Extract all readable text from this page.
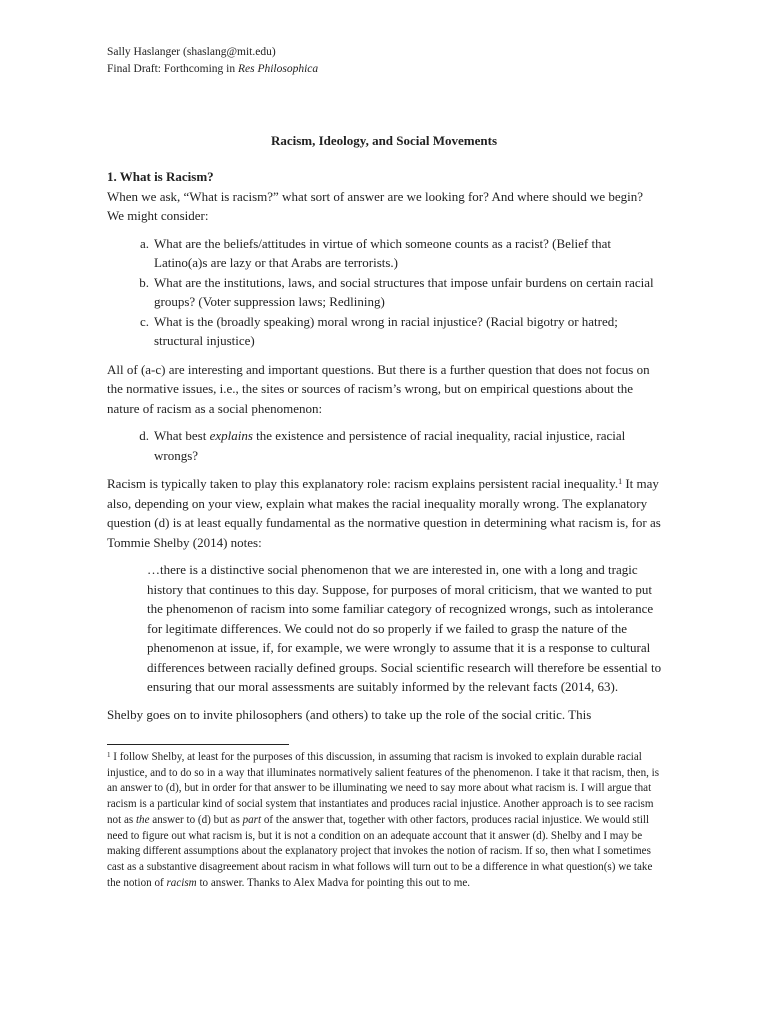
Sally Haslanger (shaslang@mit.edu)
Final Draft: Forthcoming in Res Philosophica
Racism, Ideology, and Social Movements
1. What is Racism?

When we ask, “What is racism?” what sort of answer are we looking for? And where should we begin? We might consider:

a. What are the beliefs/attitudes in virtue of which someone counts as a racist? (Belief that Latino(a)s are lazy or that Arabs are terrorists.)
b. What are the institutions, laws, and social structures that impose unfair burdens on certain racial groups? (Voter suppression laws; Redlining)
c. What is the (broadly speaking) moral wrong in racial injustice? (Racial bigotry or hatred; structural injustice)

All of (a-c) are interesting and important questions. But there is a further question that does not focus on the normative issues, i.e., the sites or sources of racism’s wrong, but on empirical questions about the nature of racism as a social phenomenon:

d. What best explains the existence and persistence of racial inequality, racial injustice, racial wrongs?

Racism is typically taken to play this explanatory role: racism explains persistent racial inequality.$^1$ It may also, depending on your view, explain what makes the racial inequality morally wrong. The explanatory question (d) is at least equally fundamental as the normative question in determining what racism is, for as Tommie Shelby (2014) notes:

…there is a distinctive social phenomenon that we are interested in, one with a long and tragic history that continues to this day. Suppose, for purposes of moral criticism, that we wanted to put the phenomenon of racism into some familiar category of recognized wrongs, such as intolerance for legitimate differences. We could not do so properly if we failed to grasp the nature of the phenomenon at issue, if, for example, we were wrongly to assume that it is a response to cultural differences between racially defined groups. Social scientific research will therefore be essential to ensuring that our moral assessments are suitably informed by the relevant facts (2014, 63).

Shelby goes on to invite philosophers (and others) to take up the role of the social critic. This

$^1$ I follow Shelby, at least for the purposes of this discussion, in assuming that racism is invoked to explain durable racial injustice, and to do so in a way that illuminates normatively salient features of the phenomenon. I take it that racism, then, is an answer to (d), but in order for that answer to be illuminating we need to say more about what racism is. I will argue that racism is a particular kind of social system that instantiates and produces racial injustice. Another approach is to see racism not as the answer to (d) but as part of the answer that, together with other factors, produces racial injustice. We would still need to figure out what racism is, but it is not a condition on an adequate account that it answer (d). Shelby and I may be making different assumptions about the explanatory project that invokes the notion of racism. If so, then what I sometimes cast as a substantive disagreement about racism in what follows will turn out to be a difference in what question(s) we take the notion of racism to answer. Thanks to Alex Madva for pointing this out to me.
